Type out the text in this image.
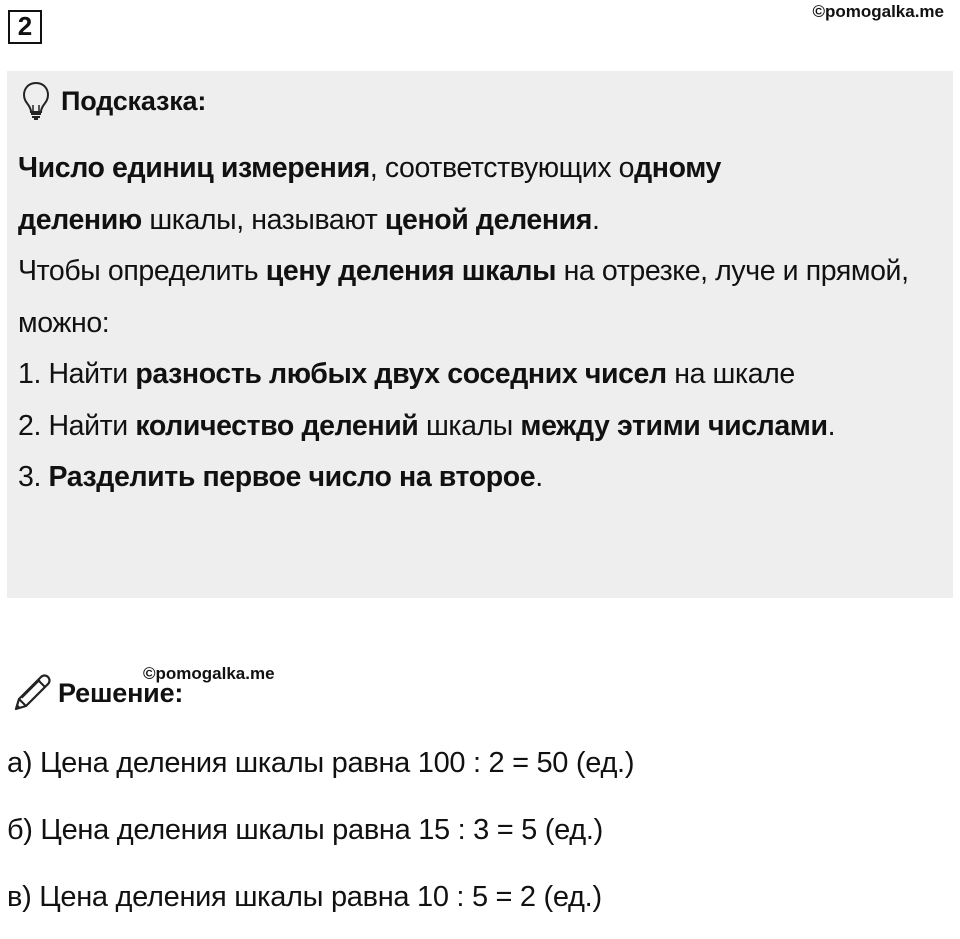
2	©pomogalka.me
Подсказка:

Число единиц измерения, соответствующих одному
делению шкалы, называют ценой деления.

Чтобы определить цену деления шкалы на отрезке, луче и прямой, можно:

1. Найти разность любых двух соседних чисел на шкале

2. Найти количество делений шкалы между этими числами.

3. Разделить первое число на второе.

©pomogalka.me
Решение:
а) Цена деления шкалы равна 100 : 2 = 50 (ед.)
б) Цена деления шкалы равна 15 : 3 = 5 (ед.)
в) Цена деления шкалы равна 10 : 5 = 2 (ед.)
